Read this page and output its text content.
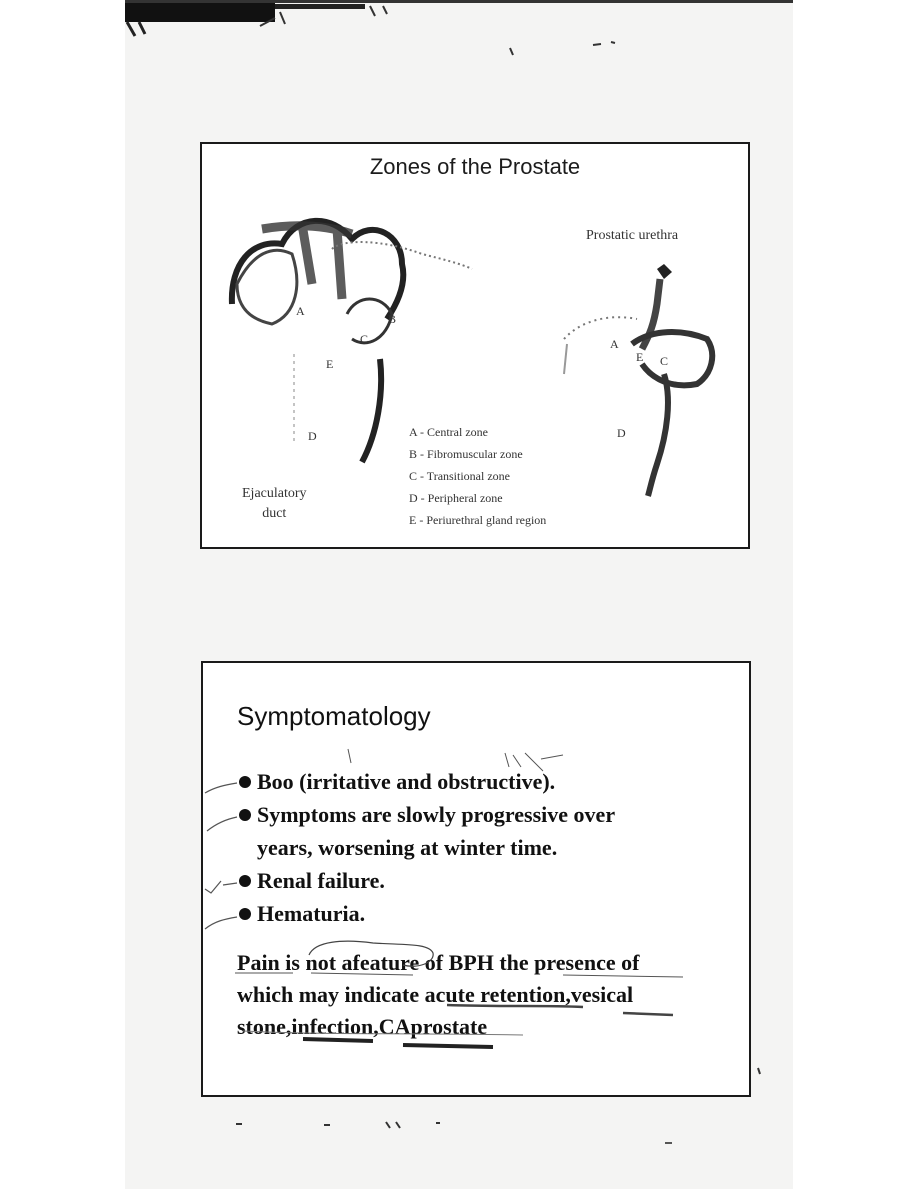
Zones of the Prostate
A
B
C
E
D
A
E C
D
Prostatic urethra
Ejaculatory
duct
A - Central zone
B - Fibromuscular zone
C - Transitional zone
D - Peripheral zone
E - Periurethral gland region
Symptomatology
Boo (irritative and obstructive).
Symptoms are slowly progressive over
years, worsening at winter time.
Renal failure.
Hematuria.
Pain is not afeature of BPH the presence of
which may indicate acute retention,vesical
stone,infection,CAprostate
